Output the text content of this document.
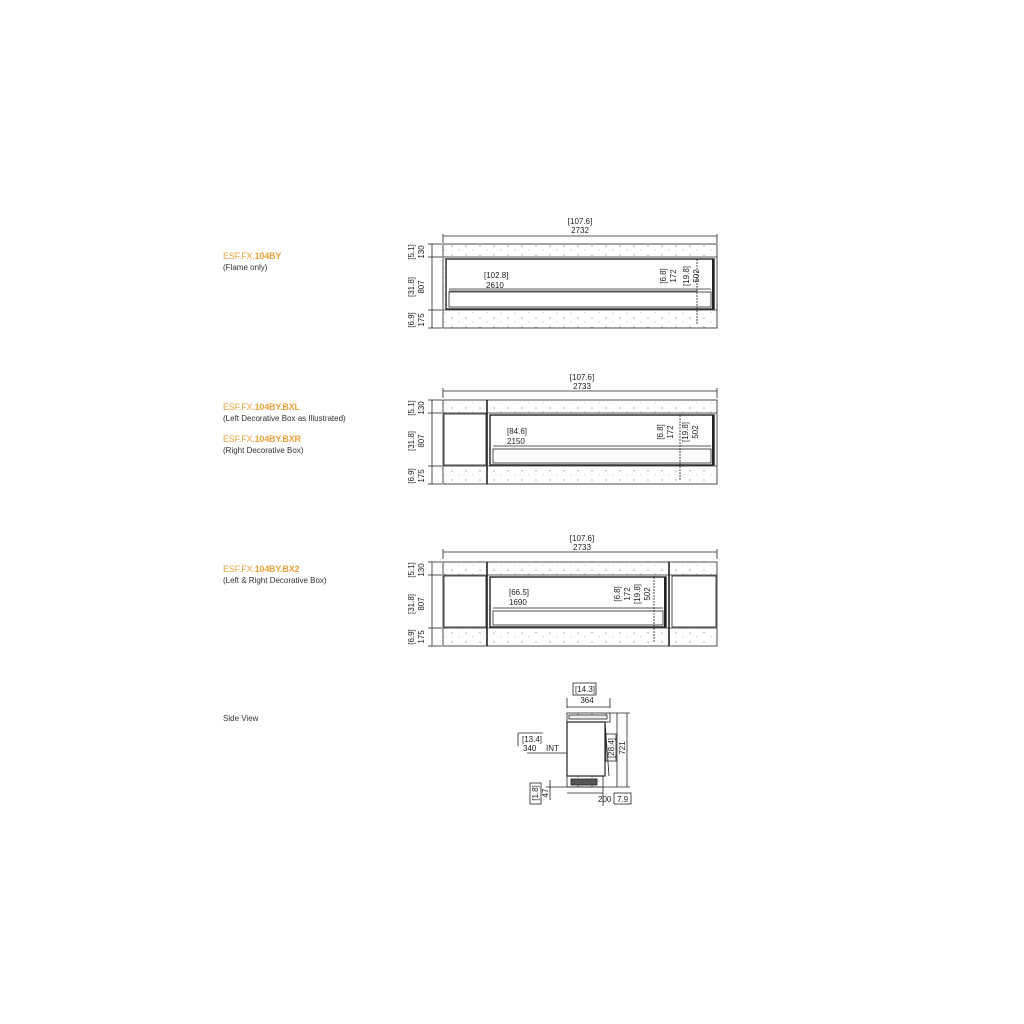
ESF.FX.104BY
(Flame only)
ESF.FX.104BY.BXL
(Left Decorative Box as Illustrated)
ESF.FX.104BY.BXR
(Right Decorative Box)
ESF.FX.104BY.BX2
(Left & Right Decorative Box)
Side View
[107.6]
2732
[102.8]
2610
[6.8] 172 [19.8] 502
[5.1] 130
[31.8] 807
[6.9] 175
[107.6]
2733
[84.6]
2150
[6.8] 172 [19.8] 502
[5.1] 130
[31.8] 807
[6.9] 175
[107.6]
2733
[66.5]
1690
[6.8] 172 [19.8] 502
[5.1] 130
[31.8] 807
[6.9] 175
[14.3]
364
[13.4]
340 INT	[28.4] 721
[1.8] 47
200 7.9
